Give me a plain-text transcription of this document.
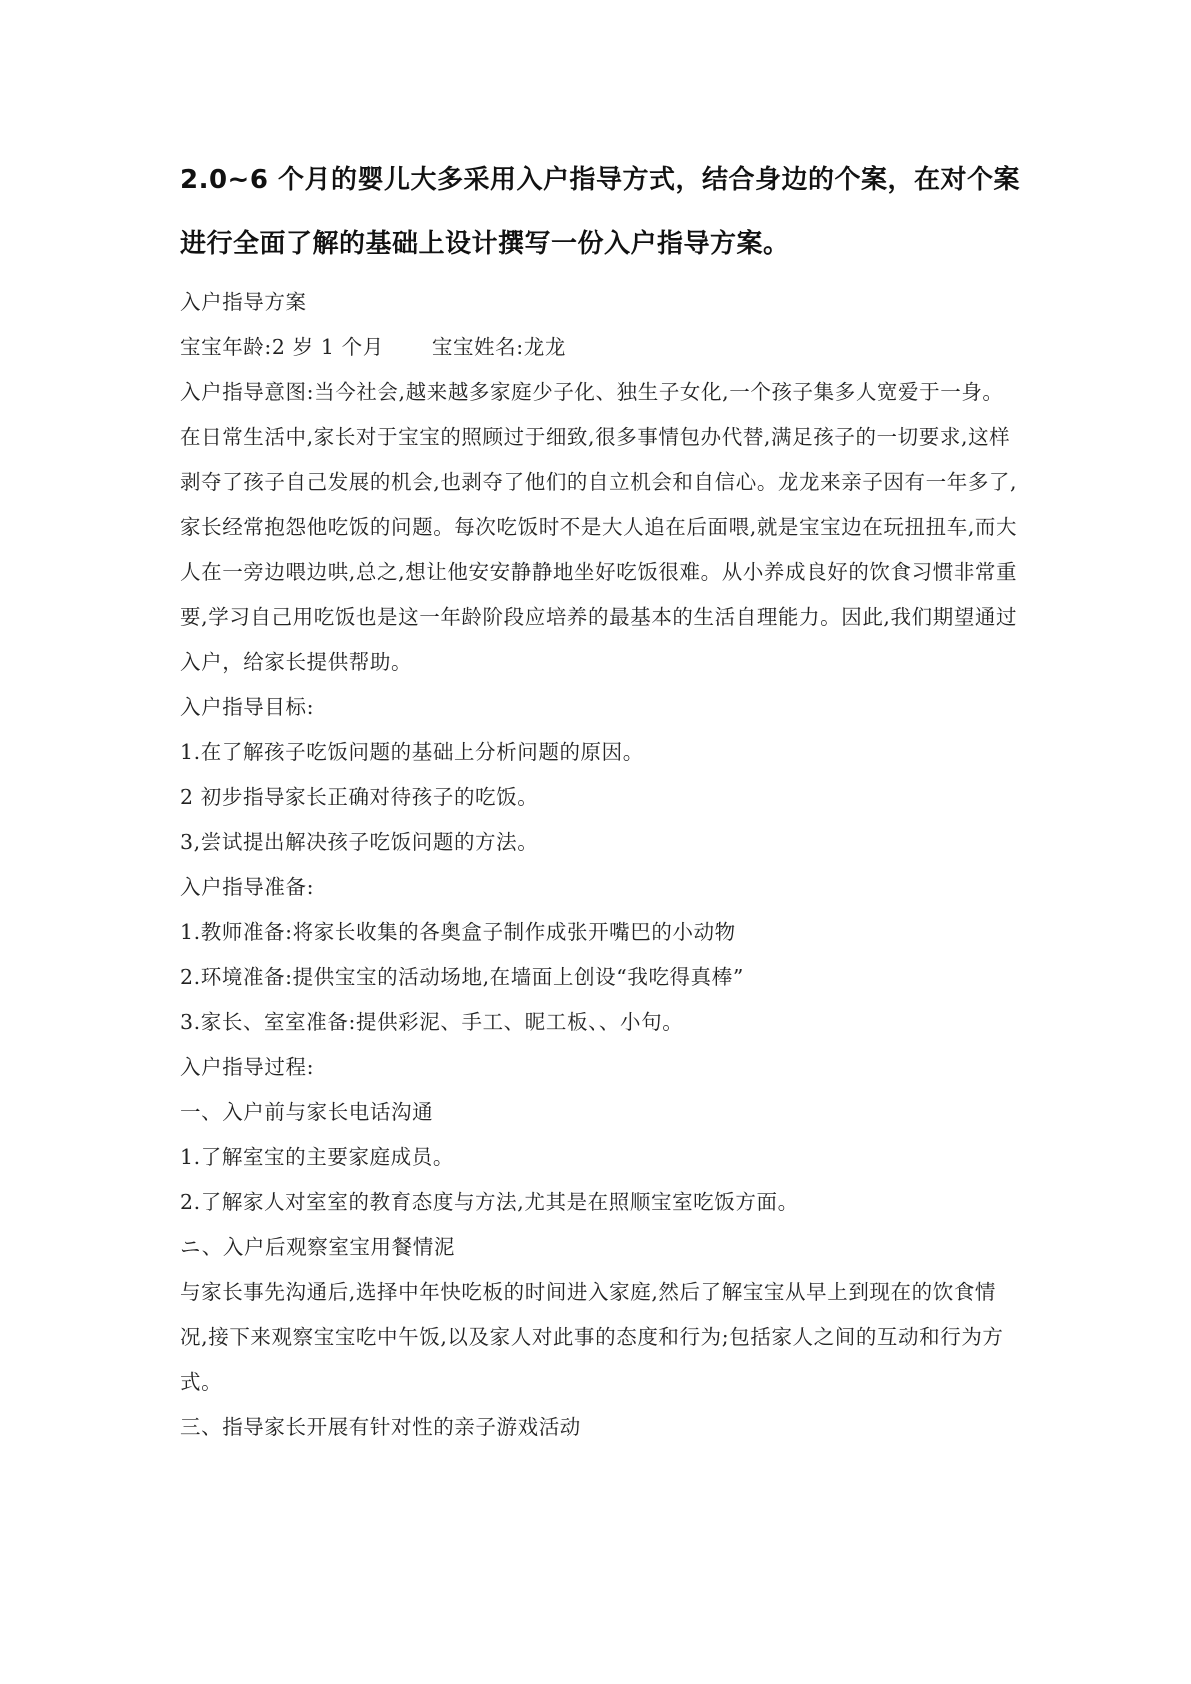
2.0~6 个月的婴儿大多采用入户指导方式，结合身边的个案，在对个案进行全面了解的基础上设计撰写一份入户指导方案。

入户指导方案

宝宝年龄:2 岁 1 个月 宝宝姓名:龙龙

入户指导意图:当今社会,越来越多家庭少子化、独生子女化,一个孩子集多人宽爱于一身。在日常生活中,家长对于宝宝的照顾过于细致,很多事情包办代替,满足孩子的一切要求,这样剥夺了孩子自己发展的机会,也剥夺了他们的自立机会和自信心。龙龙来亲子因有一年多了,家长经常抱怨他吃饭的问题。每次吃饭时不是大人追在后面喂,就是宝宝边在玩扭扭车,而大人在一旁边喂边哄,总之,想让他安安静静地坐好吃饭很难。从小养成良好的饮食习惯非常重要,学习自己用吃饭也是这一年龄阶段应培养的最基本的生活自理能力。因此,我们期望通过入户，给家长提供帮助。

入户指导目标:

1.在了解孩子吃饭问题的基础上分析问题的原因。

2 初步指导家长正确对待孩子的吃饭。

3,尝试提出解决孩子吃饭问题的方法。

入户指导准备:

1.教师准备:将家长收集的各奥盒子制作成张开嘴巴的小动物

2.环境准备:提供宝宝的活动场地,在墙面上创设“我吃得真棒”

3.家长、室室准备:提供彩泥、手工、昵工板、、小句。

入户指导过程:

一、入户前与家长电话沟通

1.了解室宝的主要家庭成员。

2.了解家人对室室的教育态度与方法,尤其是在照顺宝室吃饭方面。

ニ、入户后观察室宝用餐情泥

与家长事先沟通后,选择中年快吃板的时间进入家庭,然后了解宝宝从早上到现在的饮食情况,接下来观察宝宝吃中午饭,以及家人对此事的态度和行为;包括家人之间的互动和行为方式。

三、指导家长开展有针对性的亲子游戏活动
